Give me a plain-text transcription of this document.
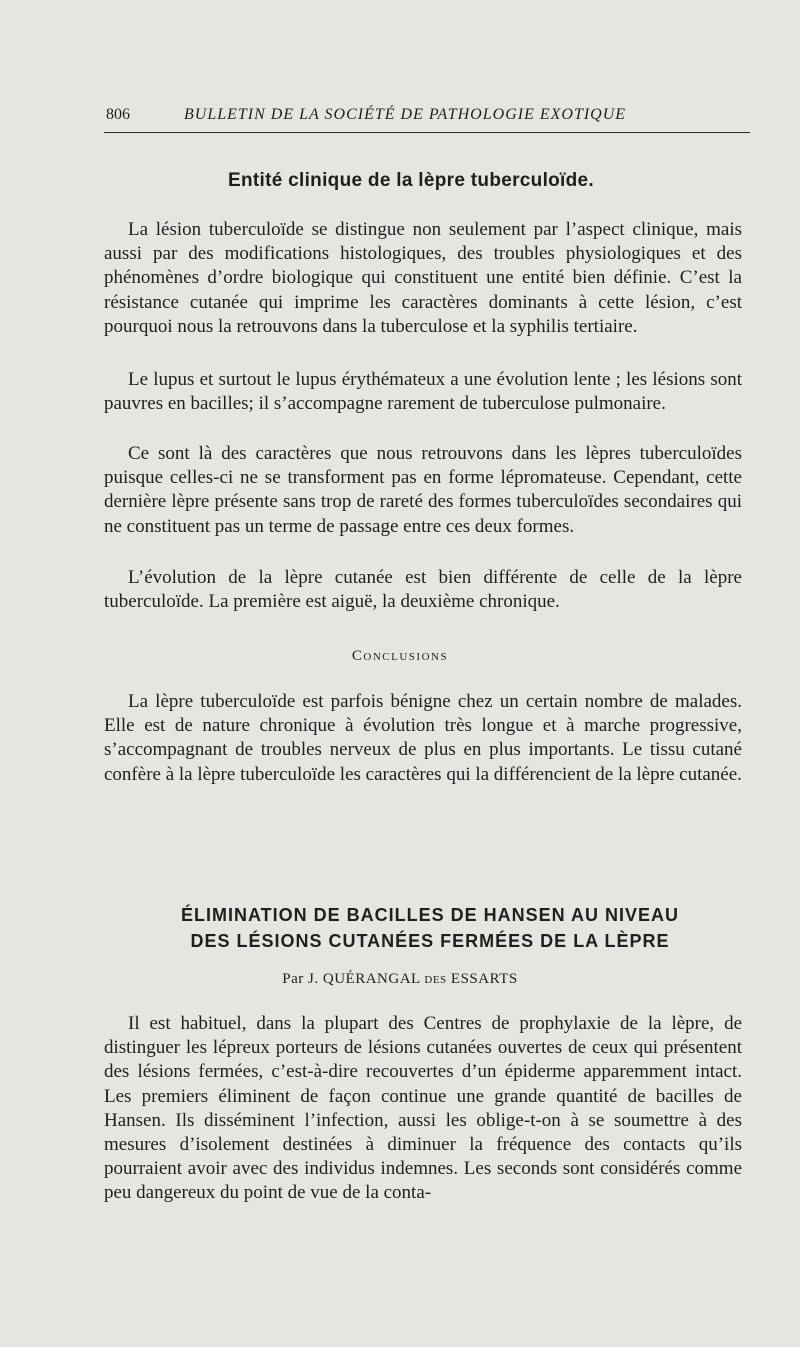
806	BULLETIN DE LA SOCIÉTÉ DE PATHOLOGIE EXOTIQUE
Entité clinique de la lèpre tuberculoïde.

La lésion tuberculoïde se distingue non seulement par l’aspect clinique, mais aussi par des modifications histologiques, des troubles physiologiques et des phénomènes d’ordre biologique qui constituent une entité bien définie. C’est la résistance cutanée qui imprime les caractères dominants à cette lésion, c’est pourquoi nous la retrouvons dans la tuberculose et la syphilis tertiaire.

Le lupus et surtout le lupus érythémateux a une évolution lente ; les lésions sont pauvres en bacilles; il s’accompagne rarement de tuberculose pulmonaire.

Ce sont là des caractères que nous retrouvons dans les lèpres tuberculoïdes puisque celles-ci ne se transforment pas en forme lépromateuse. Cependant, cette dernière lèpre présente sans trop de rareté des formes tuberculoïdes secondaires qui ne constituent pas un terme de passage entre ces deux formes.

L’évolution de la lèpre cutanée est bien différente de celle de la lèpre tuberculoïde. La première est aiguë, la deuxième chronique.

Conclusions

La lèpre tuberculoïde est parfois bénigne chez un certain nombre de malades. Elle est de nature chronique à évolution très longue et à marche progressive, s’accompagnant de troubles nerveux de plus en plus importants. Le tissu cutané confère à la lèpre tuberculoïde les caractères qui la différencient de la lèpre cutanée.

ÉLIMINATION DE BACILLES DE HANSEN AU NIVEAU
DES LÉSIONS CUTANÉES FERMÉES DE LA LÈPRE
Par J. QUÉRANGAL DES ESSARTS

Il est habituel, dans la plupart des Centres de prophylaxie de la lèpre, de distinguer les lépreux porteurs de lésions cutanées ouvertes de ceux qui présentent des lésions fermées, c’est-à-dire recouvertes d’un épiderme apparemment intact. Les premiers éliminent de façon continue une grande quantité de bacilles de Hansen. Ils disséminent l’infection, aussi les oblige-t-on à se soumettre à des mesures d’isolement destinées à diminuer la fréquence des contacts qu’ils pourraient avoir avec des individus indemnes. Les seconds sont considérés comme peu dangereux du point de vue de la conta-
